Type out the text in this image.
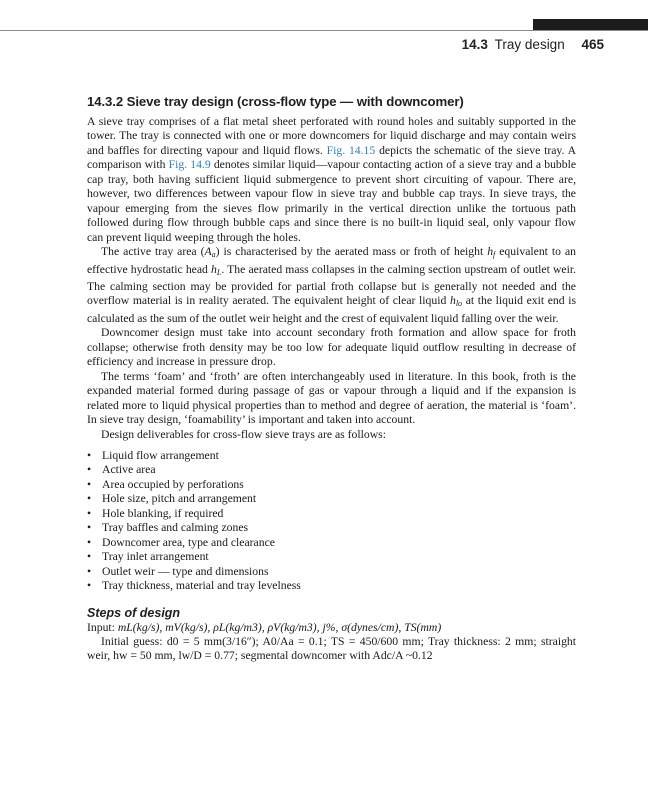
14.3 Tray design 465
14.3.2 Sieve tray design (cross-flow type — with downcomer)

A sieve tray comprises of a flat metal sheet perforated with round holes and suitably supported in the tower. The tray is connected with one or more downcomers for liquid discharge and may contain weirs and baffles for directing vapour and liquid flows. Fig. 14.15 depicts the schematic of the sieve tray. A comparison with Fig. 14.9 denotes similar liquid—vapour contacting action of a sieve tray and a bubble cap tray, both having sufficient liquid submergence to prevent short circuiting of vapour. There are, however, two differences between vapour flow in sieve tray and bubble cap trays. In sieve trays, the vapour emerging from the sieves flow primarily in the vertical direction unlike the tortuous path followed during flow through bubble caps and since there is no built-in liquid seal, only vapour flow can prevent liquid weeping through the holes.

The active tray area $(A_a)$ is characterised by the aerated mass or froth of height $h_f$ equivalent to an effective hydrostatic head $h_L$. The aerated mass collapses in the calming section upstream of outlet weir. The calming section may be provided for partial froth collapse but is generally not needed and the overflow material is in reality aerated. The equivalent height of clear liquid $h_{lo}$ at the liquid exit end is calculated as the sum of the outlet weir height and the crest of equivalent liquid falling over the weir.

Downcomer design must take into account secondary froth formation and allow space for froth collapse; otherwise froth density may be too low for adequate liquid outflow resulting in decrease of efficiency and increase in pressure drop.

The terms ‘foam’ and ‘froth’ are often interchangeably used in literature. In this book, froth is the expanded material formed during passage of gas or vapour through a liquid and if the expansion is related more to liquid physical properties than to method and degree of aeration, the material is ‘foam’. In sieve tray design, ‘foamability’ is important and taken into account.

Design deliverables for cross-flow sieve trays are as follows:

• Liquid flow arrangement
• Active area
• Area occupied by perforations
• Hole size, pitch and arrangement
• Hole blanking, if required
• Tray baffles and calming zones
• Downcomer area, type and clearance
• Tray inlet arrangement
• Outlet weir — type and dimensions
• Tray thickness, material and tray levelness
Steps of design

Input: mL(kg/s), mV(kg/s), ρL(kg/m3), ρV(kg/m3), j%, σ(dynes/cm), TS(mm)

Initial guess: d0 = 5 mm(3/16″); A0/Aa = 0.1; TS = 450/600 mm; Tray thickness: 2 mm; straight weir, hw = 50 mm, lw/D = 0.77; segmental downcomer with Adc/A ~0.12
